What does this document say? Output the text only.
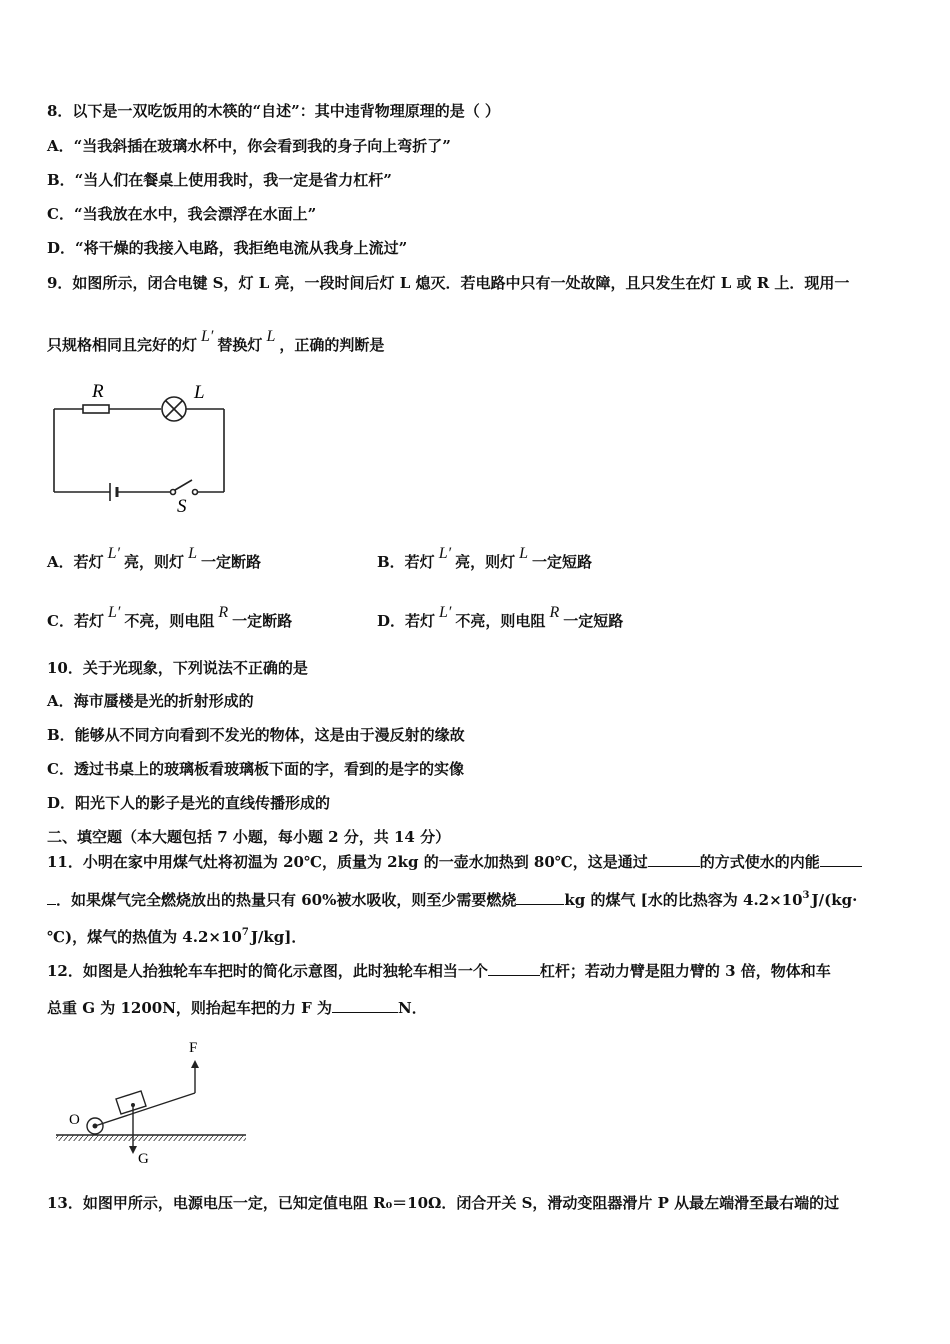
8．以下是一双吃饭用的木筷的“自述”：其中违背物理原理的是（ ）
A．“当我斜插在玻璃水杯中，你会看到我的身子向上弯折了”
B．“当人们在餐桌上使用我时，我一定是省力杠杆”
C．“当我放在水中，我会漂浮在水面上”
D．“将干燥的我接入电路，我拒绝电流从我身上流过”
9．如图所示，闭合电键 S，灯 L 亮，一段时间后灯 L 熄灭．若电路中只有一处故障，且只发生在灯 L 或 R 上．现用一
只规格相同且完好的灯 L′ 替换灯 L ，正确的判断是
R	L
S
A．若灯 L′ 亮，则灯 L 一定断路	B．若灯 L′ 亮，则灯 L 一定短路
C．若灯 L′ 不亮，则电阻 R 一定断路	D．若灯 L′ 不亮，则电阻 R 一定短路
10．关于光现象，下列说法不正确的是
A．海市蜃楼是光的折射形成的
B．能够从不同方向看到不发光的物体，这是由于漫反射的缘故
C．透过书桌上的玻璃板看玻璃板下面的字，看到的是字的实像
D．阳光下人的影子是光的直线传播形成的
二、填空题（本大题包括 7 小题，每小题 2 分，共 14 分）
11．小明在家中用煤气灶将初温为 20℃，质量为 2kg 的一壶水加热到 80℃，这是通过	的方式使水的内能
．如果煤气完全燃烧放出的热量只有 60%被水吸收，则至少需要燃烧	kg 的煤气 [水的比热容为 $4.2\times 10^3$ J/(kg·
℃)，煤气的热值为 $4.2\times 10^7$ J/kg]．
12．如图是人抬独轮车车把时的简化示意图，此时独轮车相当一个	杠杆；若动力臂是阻力臂的 3 倍，物体和车
总重 G 为 1200N，则抬起车把的力 F 为	N．
F
O
G
13．如图甲所示，电源电压一定，已知定值电阻 R₀＝10Ω．闭合开关 S，滑动变阻器滑片 P 从最左端滑至最右端的过
